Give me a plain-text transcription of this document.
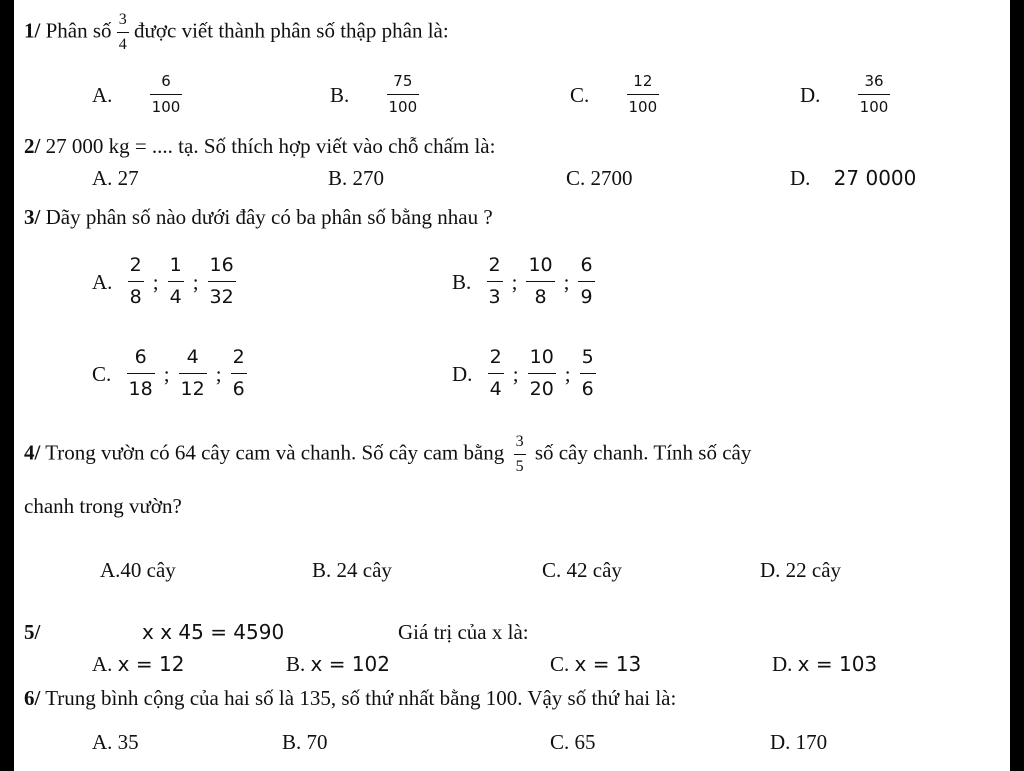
1/ Phân số $\frac{3}{4}$ được viết thành phân số thập phân là:
A. $\frac{6}{100}$	B. $\frac{75}{100}$	C. $\frac{12}{100}$	D. $\frac{36}{100}$
2/ 27 000 kg = .... tạ. Số thích hợp viết vào chỗ chấm là:
A. 27	B. 270	C. 2700	D. 27 0000
3/ Dãy phân số nào dưới đây có ba phân số bằng nhau ?
A. $\frac{2}{8}$ ; $\frac{1}{4}$ ; $\frac{16}{32}$	B. $\frac{2}{3}$ ; $\frac{10}{8}$ ; $\frac{6}{9}$
C. $\frac{6}{18}$ ; $\frac{4}{12}$ ; $\frac{2}{6}$	D. $\frac{2}{4}$ ; $\frac{10}{20}$ ; $\frac{5}{6}$
4/ Trong vườn có 64 cây cam và chanh. Số cây cam bằng $\frac{3}{5}$ số cây chanh. Tính số cây
chanh trong vườn?
A.40 cây	B. 24 cây	C. 42 cây	D. 22 cây
5/	x x 45 = 4590	Giá trị của x là:
A. x = 12	B. x = 102	C. x = 13	D. x = 103
6/ Trung bình cộng của hai số là 135, số thứ nhất bằng 100. Vậy số thứ hai là:
A. 35	B. 70	C. 65	D. 170
